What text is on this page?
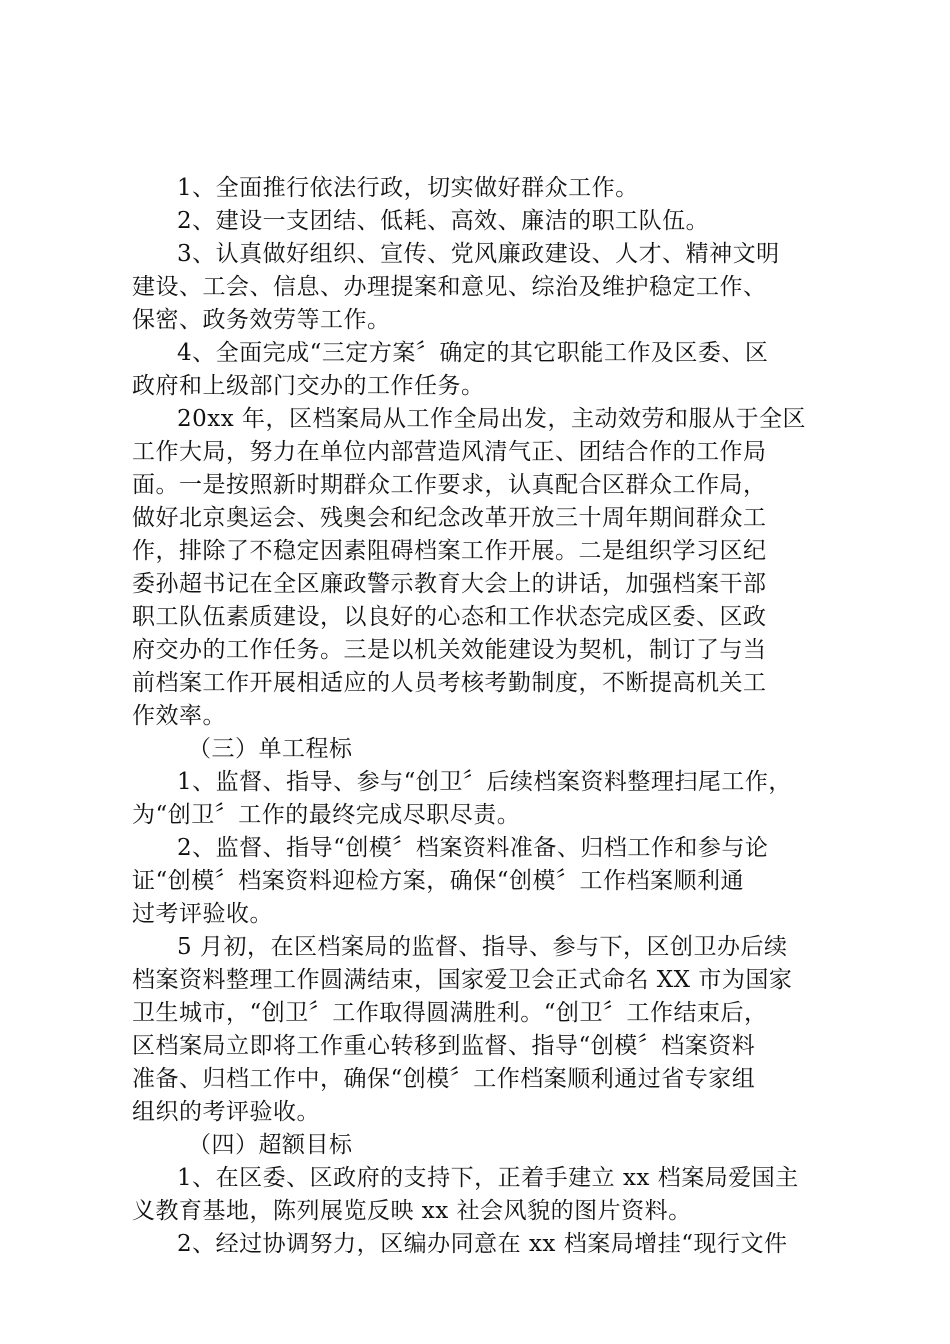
1、全面推行依法行政，切实做好群众工作。
2、建设一支团结、低耗、高效、廉洁的职工队伍。
3、认真做好组织、宣传、党风廉政建设、人才、精神文明
建设、工会、信息、办理提案和意见、综治及维护稳定工作、
保密、政务效劳等工作。
4、全面完成“三定方案〞确定的其它职能工作及区委、区
政府和上级部门交办的工作任务。
20xx 年，区档案局从工作全局出发，主动效劳和服从于全区
工作大局，努力在单位内部营造风清气正、团结合作的工作局
面。一是按照新时期群众工作要求，认真配合区群众工作局，
做好北京奥运会、残奥会和纪念改革开放三十周年期间群众工
作，排除了不稳定因素阻碍档案工作开展。二是组织学习区纪
委孙超书记在全区廉政警示教育大会上的讲话，加强档案干部
职工队伍素质建设，以良好的心态和工作状态完成区委、区政
府交办的工作任务。三是以机关效能建设为契机，制订了与当
前档案工作开展相适应的人员考核考勤制度，不断提高机关工
作效率。
（三）单工程标
1、监督、指导、参与“创卫〞后续档案资料整理扫尾工作，
为“创卫〞工作的最终完成尽职尽责。
2、监督、指导“创模〞档案资料准备、归档工作和参与论
证“创模〞档案资料迎检方案，确保“创模〞工作档案顺利通
过考评验收。
5 月初，在区档案局的监督、指导、参与下，区创卫办后续
档案资料整理工作圆满结束，国家爱卫会正式命名 XX 市为国家
卫生城市，“创卫〞工作取得圆满胜利。“创卫〞工作结束后，
区档案局立即将工作重心转移到监督、指导“创模〞档案资料
准备、归档工作中，确保“创模〞工作档案顺利通过省专家组
组织的考评验收。
（四）超额目标
1、在区委、区政府的支持下，正着手建立 xx 档案局爱国主
义教育基地，陈列展览反映 xx 社会风貌的图片资料。
2、经过协调努力，区编办同意在 xx 档案局增挂“现行文件
